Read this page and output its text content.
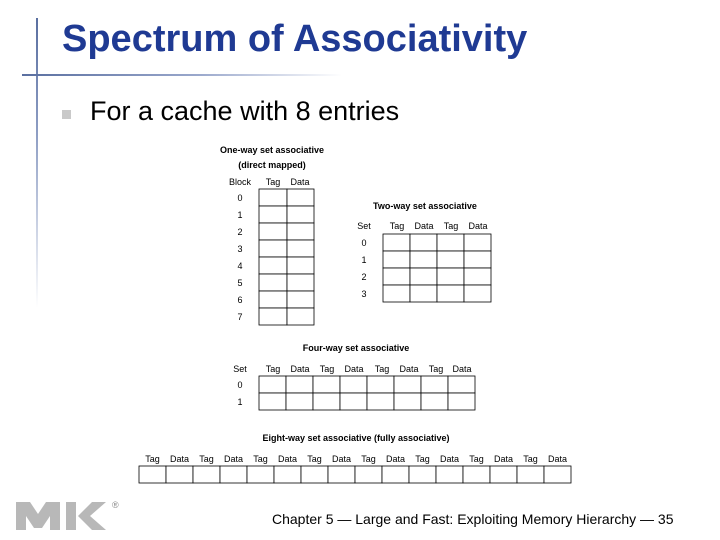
Spectrum of Associativity
For a cache with 8 entries
One-way set associative
(direct mapped)
Block Tag Data
0
1
2
3
4
5
6
7
Two-way set associative
Set Tag Data Tag Data
0
1
2
3
Four-way set associative
Set Tag Data Tag Data Tag Data Tag Data
0
1
Eight-way set associative (fully associative)
Tag Data Tag Data Tag Data Tag Data Tag Data Tag Data Tag Data Tag Data
®
Chapter 5 — Large and Fast: Exploiting Memory Hierarchy — 35
